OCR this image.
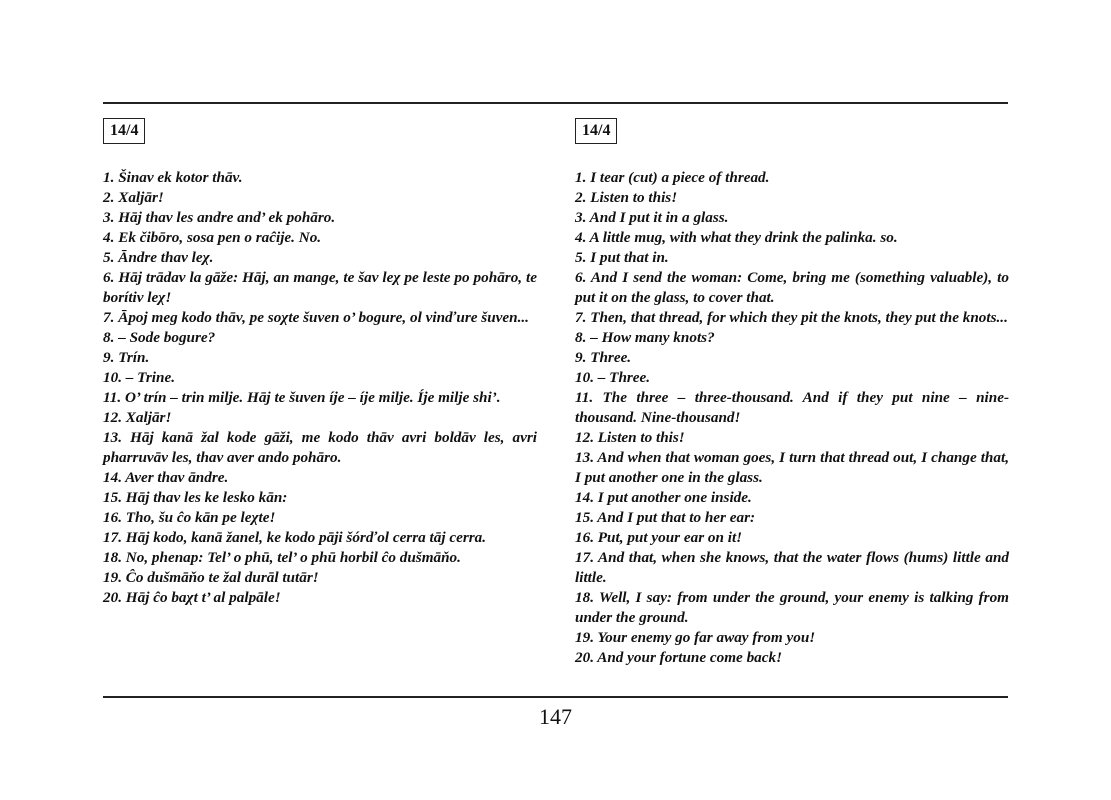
14/4
1. Šinav ek kotor thāv.
2. Xaljār!
3. Hāj thav les andre and’ ek pohāro.
4. Ek čibōro, sosa pen o raĉije. No.
5. Āndre thav leχ.
6. Hāj trādav la gāže: Hāj, an mange, te šav leχ pe leste po pohāro, te borítiv leχ!
7. Āpoj meg kodo thāv, pe soχte šuven o’ bogure, ol vinďure šuven...
8. – Sode bogure?
9. Trín.
10. – Trine.
11. O’ trín – trin milje. Hāj te šuven íje – íje milje. Íje milje shi’.
12. Xaljār!
13. Hāj kanā žal kode gāži, me kodo thāv avri boldāv les, avri pharruvāv les, thav aver ando pohāro.
14. Aver thav āndre.
15. Hāj thav les ke lesko kān:
16. Tho, šu ĉo kān pe leχte!
17. Hāj kodo, kanā žanel, ke kodo pāji šórďol cerra tāj cerra.
18. No, phenap: Tel’ o phū, tel’ o phū horbil ĉo dušmāňo.
19. Ĉo dušmāňo te žal durāl tutār!
20. Hāj ĉo baχt t’ al palpāle!
14/4
1. I tear (cut) a piece of thread.
2. Listen to this!
3. And I put it in a glass.
4. A little mug, with what they drink the palinka. so.
5. I put that in.
6. And I send the woman: Come, bring me (something valuable), to put it on the glass, to cover that.
7. Then, that thread, for which they pit the knots, they put the knots...
8. – How many knots?
9. Three.
10. – Three.
11. The three – three-thousand. And if they put nine – nine-thousand. Nine-thousand!
12. Listen to this!
13. And when that woman goes, I turn that thread out, I change that, I put another one in the glass.
14. I put another one inside.
15. And I put that to her ear:
16. Put, put your ear on it!
17. And that, when she knows, that the water flows (hums) little and little.
18. Well, I say: from under the ground, your enemy is talking from under the ground.
19. Your enemy go far away from you!
20. And your fortune come back!
147
